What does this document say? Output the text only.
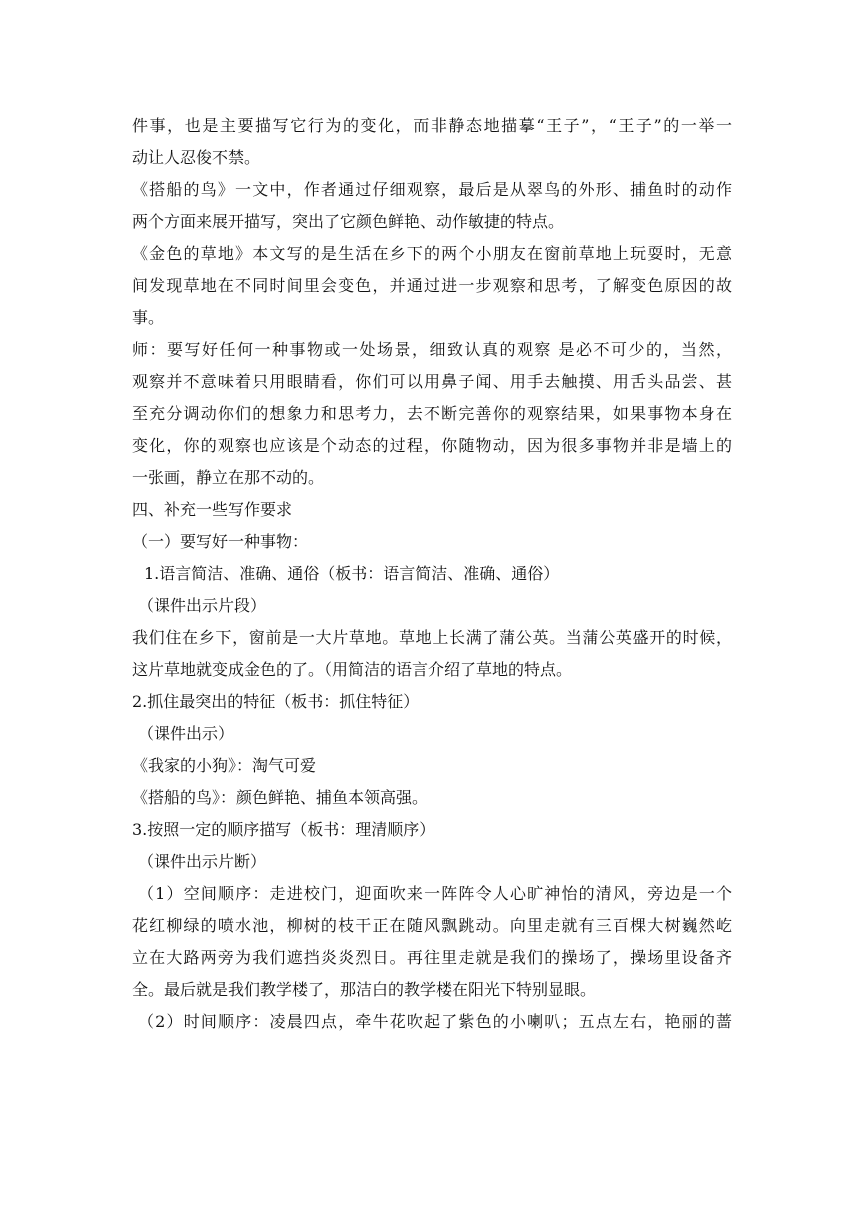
件事，也是主要描写它行为的变化，而非静态地描摹“王子”，“王子”的一举一
动让人忍俊不禁。
《搭船的鸟》一文中，作者通过仔细观察，最后是从翠鸟的外形、捕鱼时的动作
两个方面来展开描写，突出了它颜色鲜艳、动作敏捷的特点。
《金色的草地》本文写的是生活在乡下的两个小朋友在窗前草地上玩耍时，无意
间发现草地在不同时间里会变色，并通过进一步观察和思考，了解变色原因的故
事。
师：要写好任何一种事物或一处场景，细致认真的观察 是必不可少的，当然，
观察并不意味着只用眼睛看，你们可以用鼻子闻、用手去触摸、用舌头品尝、甚
至充分调动你们的想象力和思考力，去不断完善你的观察结果，如果事物本身在
变化，你的观察也应该是个动态的过程，你随物动，因为很多事物并非是墙上的
一张画，静立在那不动的。
四、补充一些写作要求
（一）要写好一种事物：
1.语言简洁、准确、通俗（板书：语言简洁、准确、通俗）
（课件出示片段）
我们住在乡下，窗前是一大片草地。草地上长满了蒲公英。当蒲公英盛开的时候，
这片草地就变成金色的了。（用简洁的语言介绍了草地的特点。
2.抓住最突出的特征（板书：抓住特征）
（课件出示）
《我家的小狗》：淘气可爱
《搭船的鸟》：颜色鲜艳、捕鱼本领高强。
3.按照一定的顺序描写（板书：理清顺序）
（课件出示片断）
（1）空间顺序：走进校门，迎面吹来一阵阵令人心旷神怡的清风，旁边是一个
花红柳绿的喷水池，柳树的枝干正在随风飘跳动。向里走就有三百棵大树巍然屹
立在大路两旁为我们遮挡炎炎烈日。再往里走就是我们的操场了，操场里设备齐
全。最后就是我们教学楼了，那洁白的教学楼在阳光下特别显眼。
（2）时间顺序：凌晨四点，牵牛花吹起了紫色的小喇叭；五点左右，艳丽的蔷
